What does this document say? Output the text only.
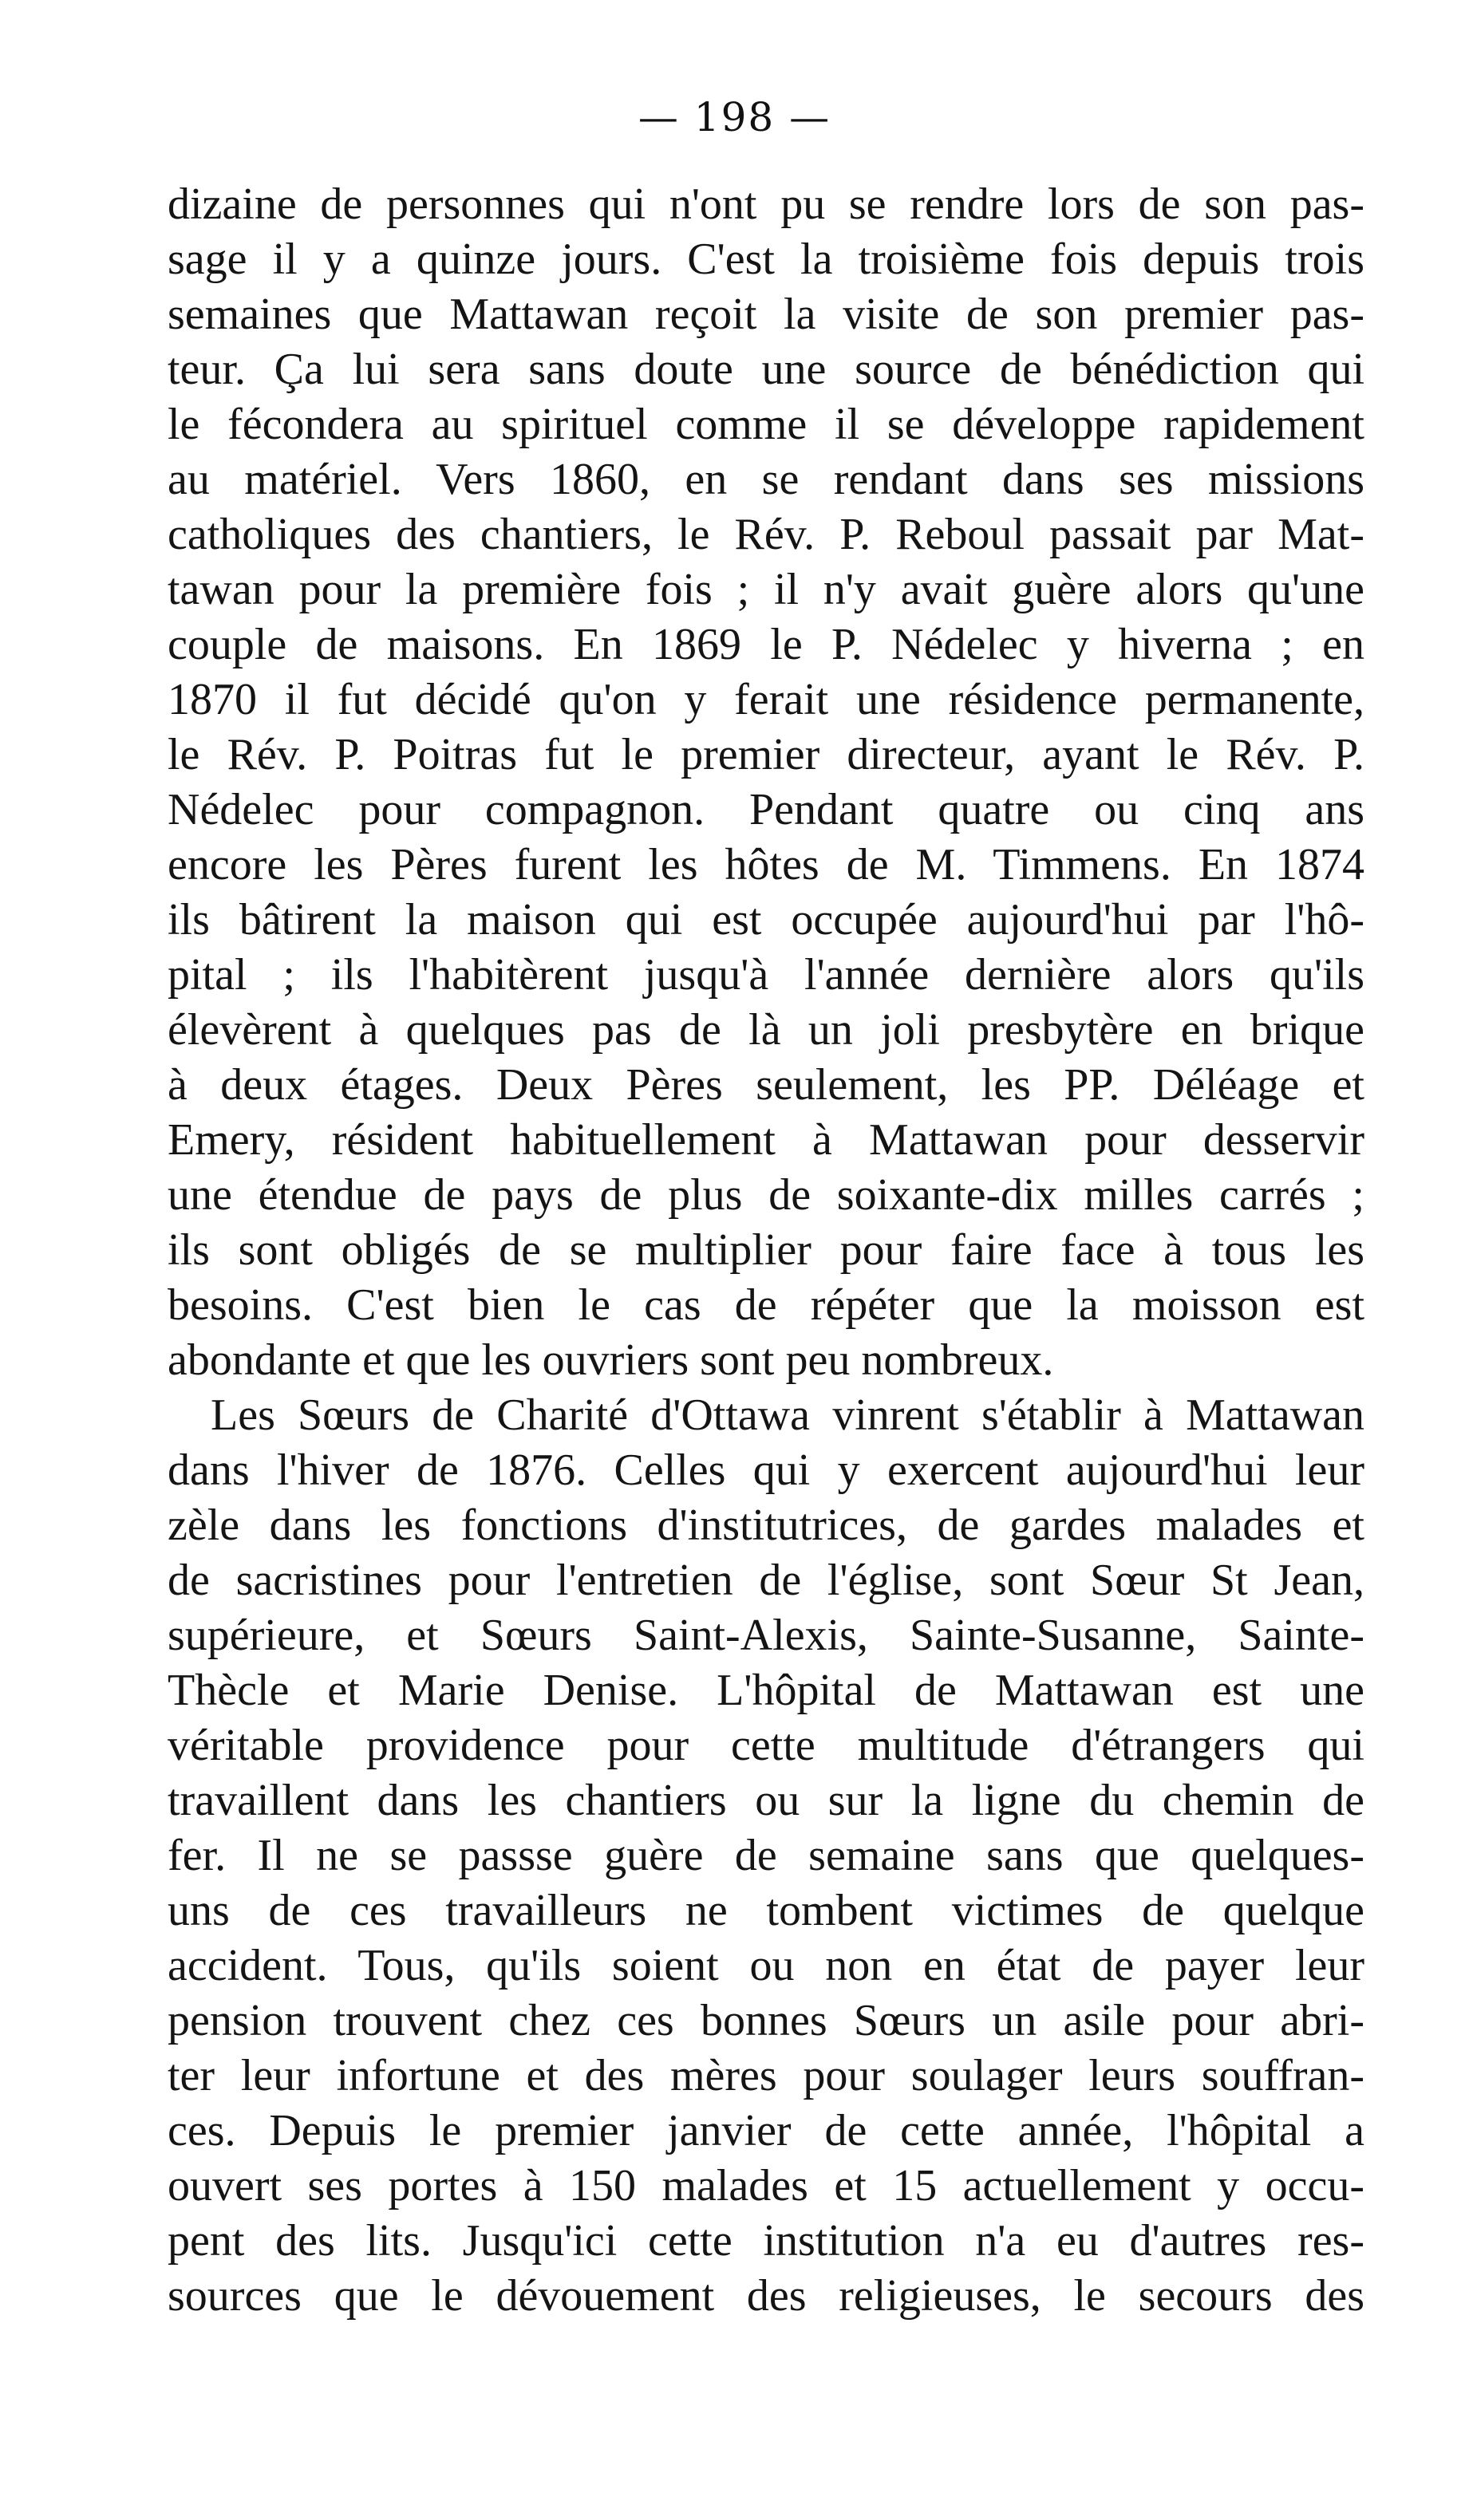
— 198 —
dizaine de personnes qui n'ont pu se rendre lors de son pas-
sage il y a quinze jours. C'est la troisième fois depuis trois
semaines que Mattawan reçoit la visite de son premier pas-
teur. Ça lui sera sans doute une source de bénédiction qui
le fécondera au spirituel comme il se développe rapidement
au matériel. Vers 1860, en se rendant dans ses missions
catholiques des chantiers, le Rév. P. Reboul passait par Mat-
tawan pour la première fois ; il n'y avait guère alors qu'une
couple de maisons. En 1869 le P. Nédelec y hiverna ; en
1870 il fut décidé qu'on y ferait une résidence permanente,
le Rév. P. Poitras fut le premier directeur, ayant le Rév. P.
Nédelec pour compagnon. Pendant quatre ou cinq ans
encore les Pères furent les hôtes de M. Timmens. En 1874
ils bâtirent la maison qui est occupée aujourd'hui par l'hô-
pital ; ils l'habitèrent jusqu'à l'année dernière alors qu'ils
élevèrent à quelques pas de là un joli presbytère en brique
à deux étages. Deux Pères seulement, les PP. Déléage et
Emery, résident habituellement à Mattawan pour desservir
une étendue de pays de plus de soixante-dix milles carrés ;
ils sont obligés de se multiplier pour faire face à tous les
besoins. C'est bien le cas de répéter que la moisson est
abondante et que les ouvriers sont peu nombreux.
Les Sœurs de Charité d'Ottawa vinrent s'établir à Mattawan
dans l'hiver de 1876. Celles qui y exercent aujourd'hui leur
zèle dans les fonctions d'institutrices, de gardes malades et
de sacristines pour l'entretien de l'église, sont Sœur St Jean,
supérieure, et Sœurs Saint-Alexis, Sainte-Susanne, Sainte-
Thècle et Marie Denise. L'hôpital de Mattawan est une
véritable providence pour cette multitude d'étrangers qui
travaillent dans les chantiers ou sur la ligne du chemin de
fer. Il ne se passse guère de semaine sans que quelques-
uns de ces travailleurs ne tombent victimes de quelque
accident. Tous, qu'ils soient ou non en état de payer leur
pension trouvent chez ces bonnes Sœurs un asile pour abri-
ter leur infortune et des mères pour soulager leurs souffran-
ces. Depuis le premier janvier de cette année, l'hôpital a
ouvert ses portes à 150 malades et 15 actuellement y occu-
pent des lits. Jusqu'ici cette institution n'a eu d'autres res-
sources que le dévouement des religieuses, le secours des
